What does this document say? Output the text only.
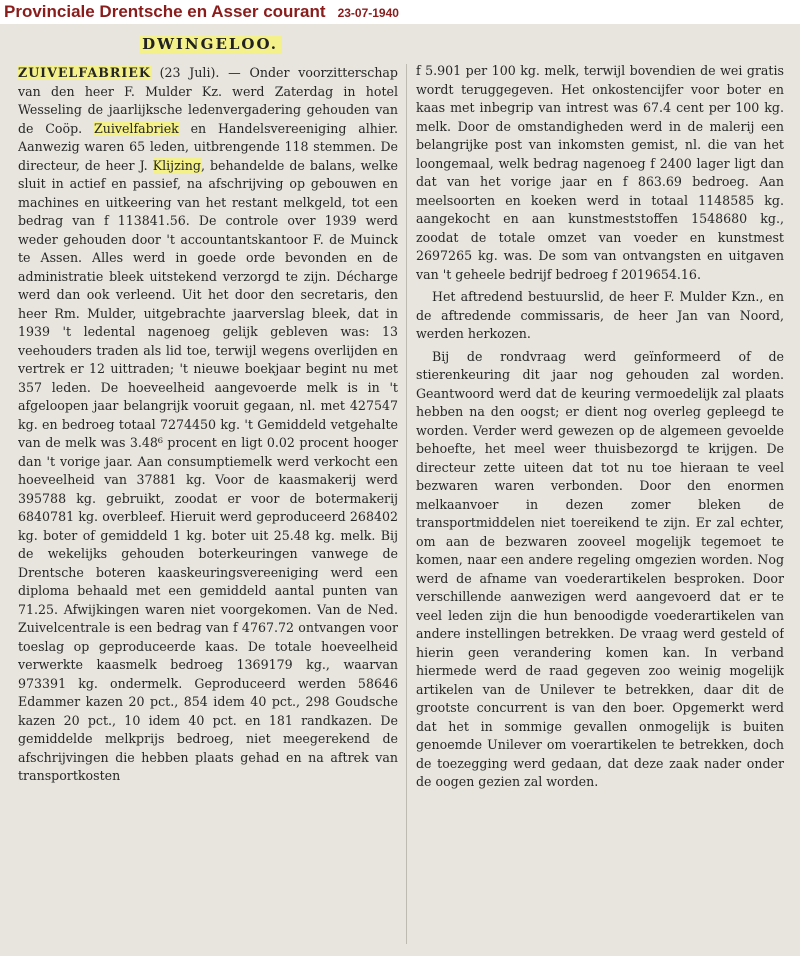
Provinciale Drentsche en Asser courant 23-07-1940
DWINGELOO.

ZUIVELFABRIEK (23 Juli). — Onder voorzitterschap van den heer F. Mulder Kz. werd Zaterdag in hotel Wesseling de jaarlijksche ledenvergadering gehouden van de Coöp. Zuivelfabriek en Handelsvereeniging alhier. Aanwezig waren 65 leden, uitbrengende 118 stemmen. De directeur, de heer J. Klijzing, behandelde de balans, welke sluit in actief en passief, na afschrijving op gebouwen en machines en uitkeering van het restant melkgeld, tot een bedrag van f 113841.56. De controle over 1939 werd weder gehouden door 't accountantskantoor F. de Muinck te Assen. Alles werd in goede orde bevonden en de administratie bleek uitstekend verzorgd te zijn. Décharge werd dan ook verleend. Uit het door den secretaris, den heer Rm. Mulder, uitgebrachte jaarverslag bleek, dat in 1939 't ledental nagenoeg gelijk gebleven was: 13 veehouders traden als lid toe, terwijl wegens overlijden en vertrek er 12 uittraden; 't nieuwe boekjaar begint nu met 357 leden. De hoeveelheid aangevoerde melk is in 't afgeloopen jaar belangrijk vooruit gegaan, nl. met 427547 kg. en bedroeg totaal 7274450 kg. 't Gemiddeld vetgehalte van de melk was 3.48⁶ procent en ligt 0.02 procent hooger dan 't vorige jaar. Aan consumptiemelk werd verkocht een hoeveelheid van 37881 kg. Voor de kaasmakerij werd 395788 kg. gebruikt, zoodat er voor de botermakerij 6840781 kg. overbleef. Hieruit werd geproduceerd 268402 kg. boter of gemiddeld 1 kg. boter uit 25.48 kg. melk. Bij de wekelijks gehouden boterkeuringen vanwege de Drentsche boteren kaaskeuringsvereeniging werd een diploma behaald met een gemiddeld aantal punten van 71.25. Afwijkingen waren niet voorgekomen. Van de Ned. Zuivelcentrale is een bedrag van f 4767.72 ontvangen voor toeslag op geproduceerde kaas. De totale hoeveelheid verwerkte kaasmelk bedroeg 1369179 kg., waarvan 973391 kg. ondermelk. Geproduceerd werden 58646 Edammer kazen 20 pct., 854 idem 40 pct., 298 Goudsche kazen 20 pct., 10 idem 40 pct. en 181 randkazen. De gemiddelde melkprijs bedroeg, niet meegerekend de afschrijvingen die hebben plaats gehad en na aftrek van transportkosten

f 5.901 per 100 kg. melk, terwijl bovendien de wei gratis wordt teruggegeven. Het onkostencijfer voor boter en kaas met inbegrip van intrest was 67.4 cent per 100 kg. melk. Door de omstandigheden werd in de malerij een belangrijke post van inkomsten gemist, nl. die van het loongemaal, welk bedrag nagenoeg f 2400 lager ligt dan dat van het vorige jaar en f 863.69 bedroeg. Aan meelsoorten en koeken werd in totaal 1148585 kg. aangekocht en aan kunstmeststoffen 1548680 kg., zoodat de totale omzet van voeder en kunstmest 2697265 kg. was. De som van ontvangsten en uitgaven van 't geheele bedrijf bedroeg f 2019654.16.

Het aftredend bestuurslid, de heer F. Mulder Kzn., en de aftredende commissaris, de heer Jan van Noord, werden herkozen.

Bij de rondvraag werd geïnformeerd of de stierenkeuring dit jaar nog gehouden zal worden. Geantwoord werd dat de keuring vermoedelijk zal plaats hebben na den oogst; er dient nog overleg gepleegd te worden. Verder werd gewezen op de algemeen gevoelde behoefte, het meel weer thuisbezorgd te krijgen. De directeur zette uiteen dat tot nu toe hieraan te veel bezwaren waren verbonden. Door den enormen melkaanvoer in dezen zomer bleken de transportmiddelen niet toereikend te zijn. Er zal echter, om aan de bezwaren zooveel mogelijk tegemoet te komen, naar een andere regeling omgezien worden. Nog werd de afname van voederartikelen besproken. Door verschillende aanwezigen werd aangevoerd dat er te veel leden zijn die hun benoodigde voederartikelen van andere instellingen betrekken. De vraag werd gesteld of hierin geen verandering komen kan. In verband hiermede werd de raad gegeven zoo weinig mogelijk artikelen van de Unilever te betrekken, daar dit de grootste concurrent is van den boer. Opgemerkt werd dat het in sommige gevallen onmogelijk is buiten genoemde Unilever om voerartikelen te betrekken, doch de toezegging werd gedaan, dat deze zaak nader onder de oogen gezien zal worden.
